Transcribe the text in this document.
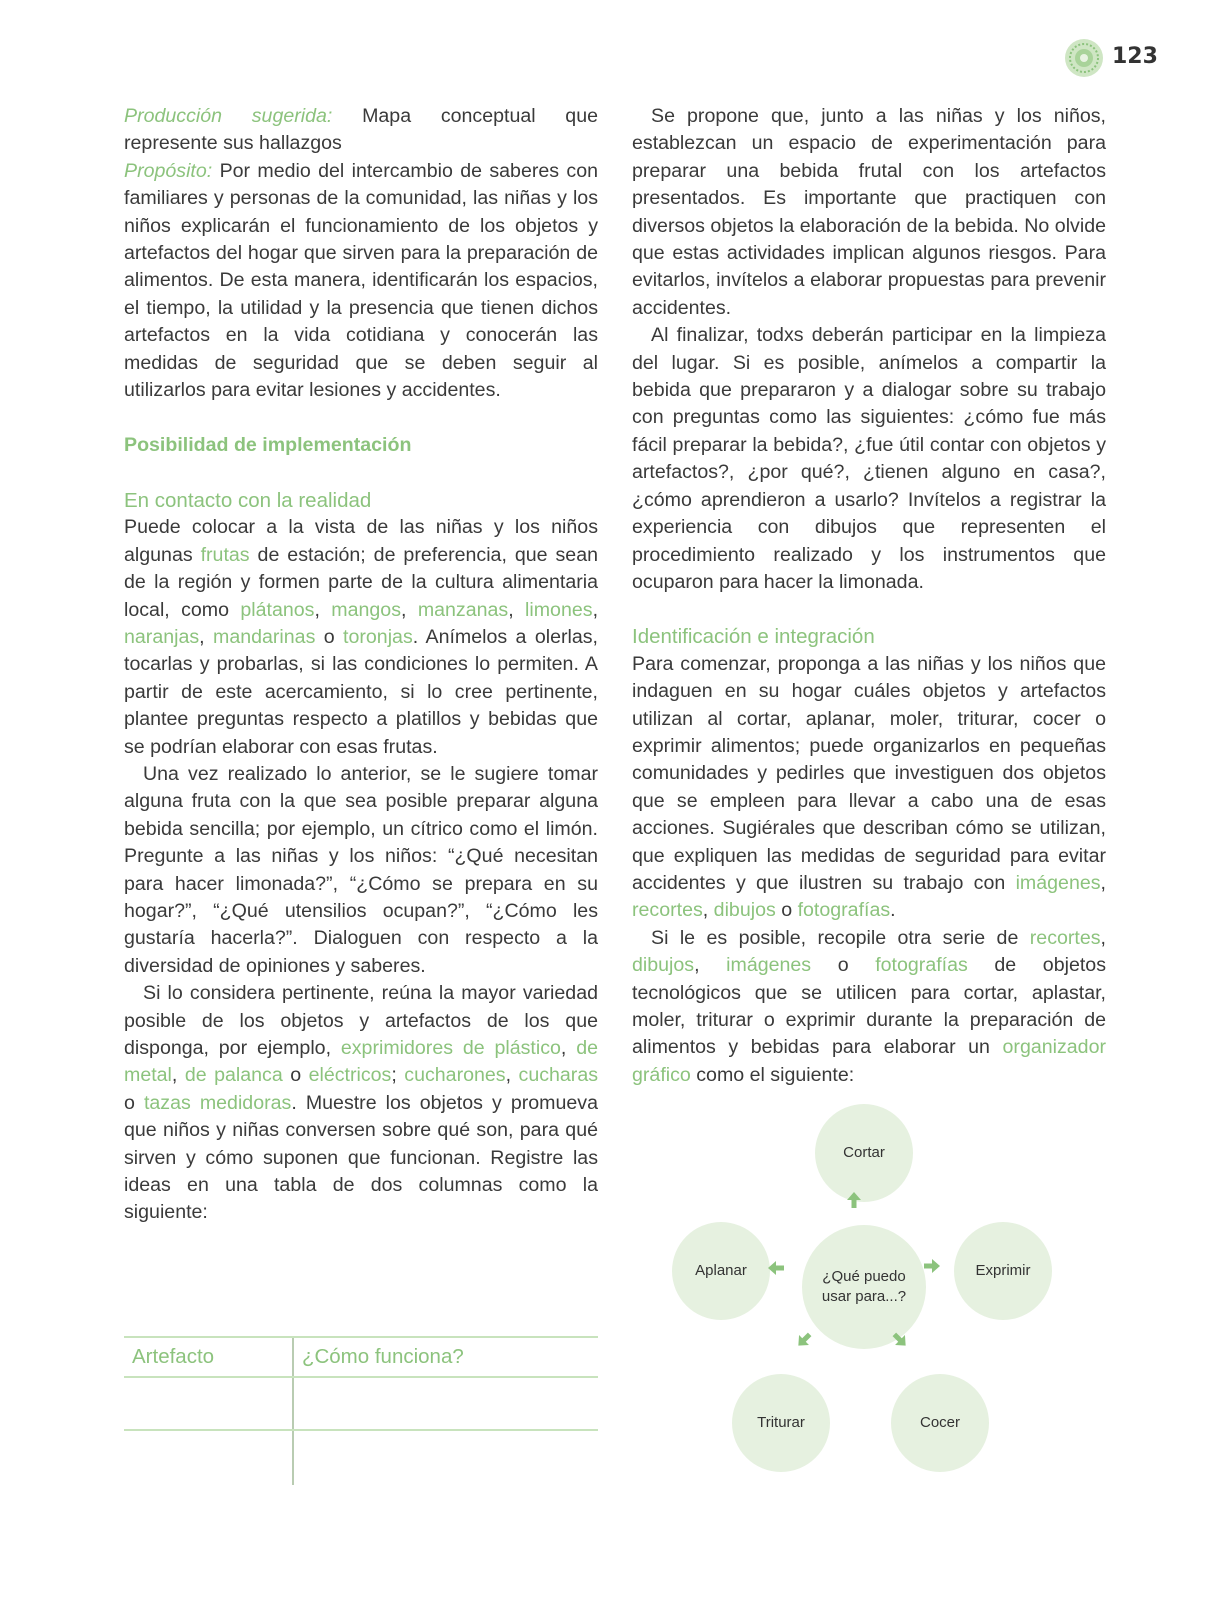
123

Producción sugerida: Mapa conceptual que represente sus hallazgos

Propósito: Por medio del intercambio de saberes con familiares y personas de la comunidad, las niñas y los niños explicarán el funcionamiento de los objetos y artefactos del hogar que sirven para la preparación de alimentos. De esta manera, identificarán los espacios, el tiempo, la utilidad y la presencia que tienen dichos artefactos en la vida cotidiana y conocerán las medidas de seguridad que se deben seguir al utilizarlos para evitar lesiones y accidentes.

Posibilidad de implementación

En contacto con la realidad

Puede colocar a la vista de las niñas y los niños algunas frutas de estación; de preferencia, que sean de la región y formen parte de la cultura alimentaria local, como plátanos, mangos, manzanas, limones, naranjas, mandarinas o toronjas. Anímelos a olerlas, tocarlas y probarlas, si las condiciones lo permiten. A partir de este acercamiento, si lo cree pertinente, plantee preguntas respecto a platillos y bebidas que se podrían elaborar con esas frutas.

Una vez realizado lo anterior, se le sugiere tomar alguna fruta con la que sea posible preparar alguna bebida sencilla; por ejemplo, un cítrico como el limón. Pregunte a las niñas y los niños: “¿Qué necesitan para hacer limonada?”, “¿Cómo se prepara en su hogar?”, “¿Qué utensilios ocupan?”, “¿Cómo les gustaría hacerla?”. Dialoguen con respecto a la diversidad de opiniones y saberes.

Si lo considera pertinente, reúna la mayor variedad posible de los objetos y artefactos de los que disponga, por ejemplo, exprimidores de plástico, de metal, de palanca o eléctricos; cucharones, cucharas o tazas medidoras. Muestre los objetos y promueva que niños y niñas conversen sobre qué son, para qué sirven y cómo suponen que funcionan. Registre las ideas en una tabla de dos columnas como la siguiente:

Artefacto	¿Cómo funciona?

Se propone que, junto a las niñas y los niños, establezcan un espacio de experimentación para preparar una bebida frutal con los artefactos presentados. Es importante que practiquen con diversos objetos la elaboración de la bebida. No olvide que estas actividades implican algunos riesgos. Para evitarlos, invítelos a elaborar propuestas para prevenir accidentes.

Al finalizar, todxs deberán participar en la limpieza del lugar. Si es posible, anímelos a compartir la bebida que prepararon y a dialogar sobre su trabajo con preguntas como las siguientes: ¿cómo fue más fácil preparar la bebida?, ¿fue útil contar con objetos y artefactos?, ¿por qué?, ¿tienen alguno en casa?, ¿cómo aprendieron a usarlo? Invítelos a registrar la experiencia con dibujos que representen el procedimiento realizado y los instrumentos que ocuparon para hacer la limonada.

Identificación e integración

Para comenzar, proponga a las niñas y los niños que indaguen en su hogar cuáles objetos y artefactos utilizan al cortar, aplanar, moler, triturar, cocer o exprimir alimentos; puede organizarlos en pequeñas comunidades y pedirles que investiguen dos objetos que se empleen para llevar a cabo una de esas acciones. Sugiérales que describan cómo se utilizan, que expliquen las medidas de seguridad para evitar accidentes y que ilustren su trabajo con imágenes, recortes, dibujos o fotografías.

Si le es posible, recopile otra serie de recortes, dibujos, imágenes o fotografías de objetos tecnológicos que se utilicen para cortar, aplastar, moler, triturar o exprimir durante la preparación de alimentos y bebidas para elaborar un organizador gráfico como el siguiente:

Cortar
Aplanar	Exprimir
Triturar	Cocer
¿Qué puedo usar para...?
